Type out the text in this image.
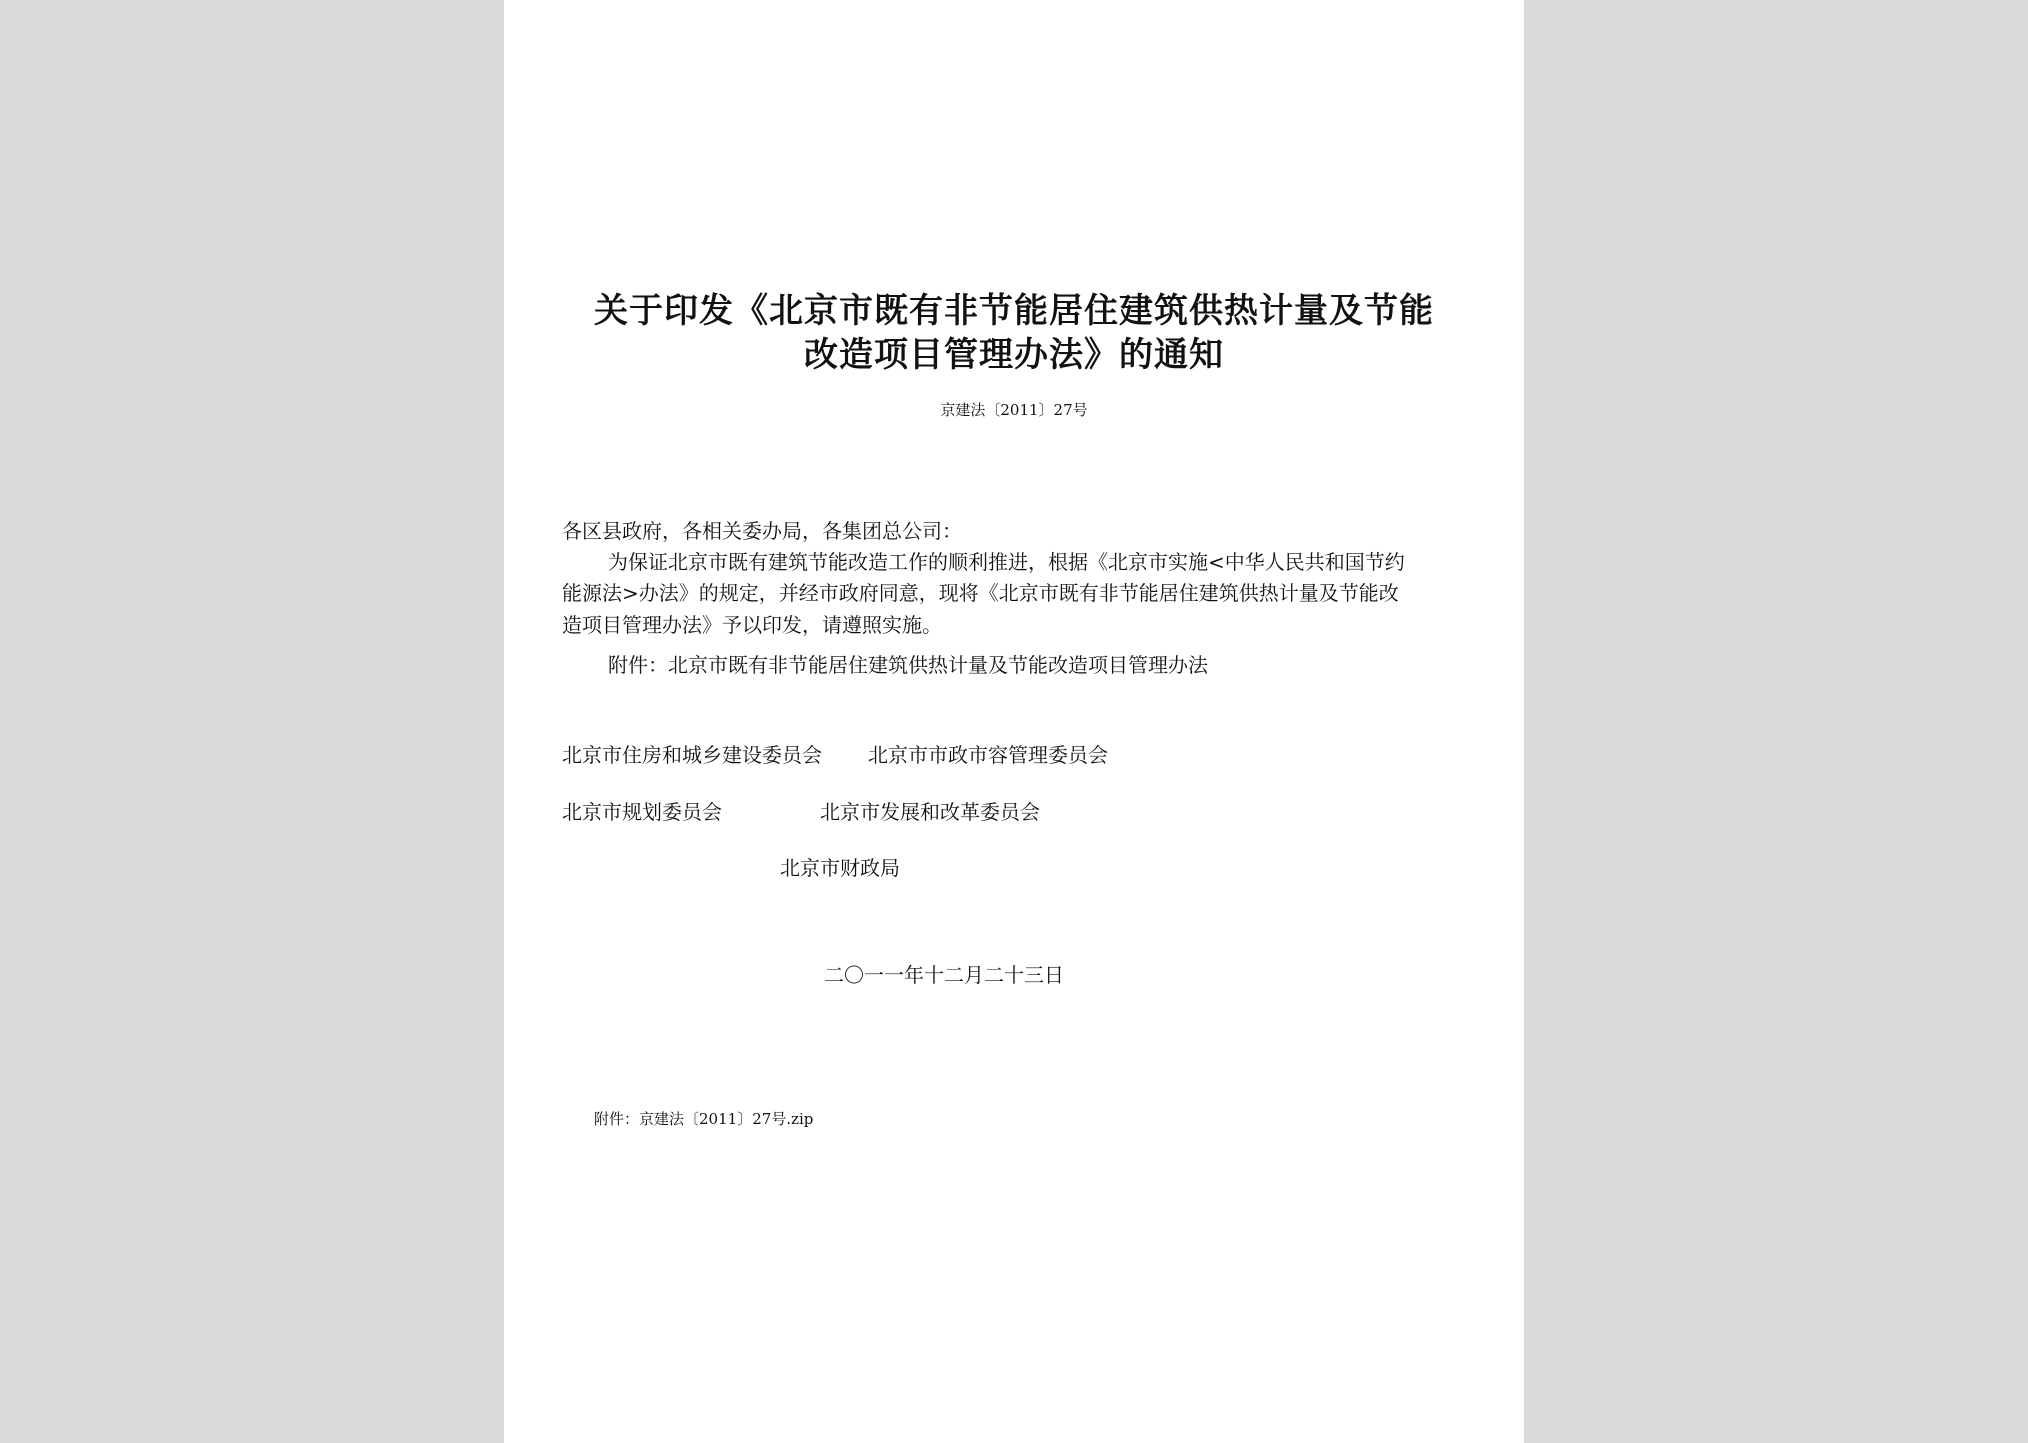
关于印发《北京市既有非节能居住建筑供热计量及节能
改造项目管理办法》的通知
京建法〔2011〕27号
各区县政府，各相关委办局，各集团总公司：
为保证北京市既有建筑节能改造工作的顺利推进，根据《北京市实施<中华人民共和国节约
能源法>办法》的规定，并经市政府同意，现将《北京市既有非节能居住建筑供热计量及节能改
造项目管理办法》予以印发，请遵照实施。
附件：北京市既有非节能居住建筑供热计量及节能改造项目管理办法
北京市住房和城乡建设委员会 北京市市政市容管理委员会
北京市规划委员会	北京市发展和改革委员会
北京市财政局
二〇一一年十二月二十三日
附件：京建法〔2011〕27号.zip
